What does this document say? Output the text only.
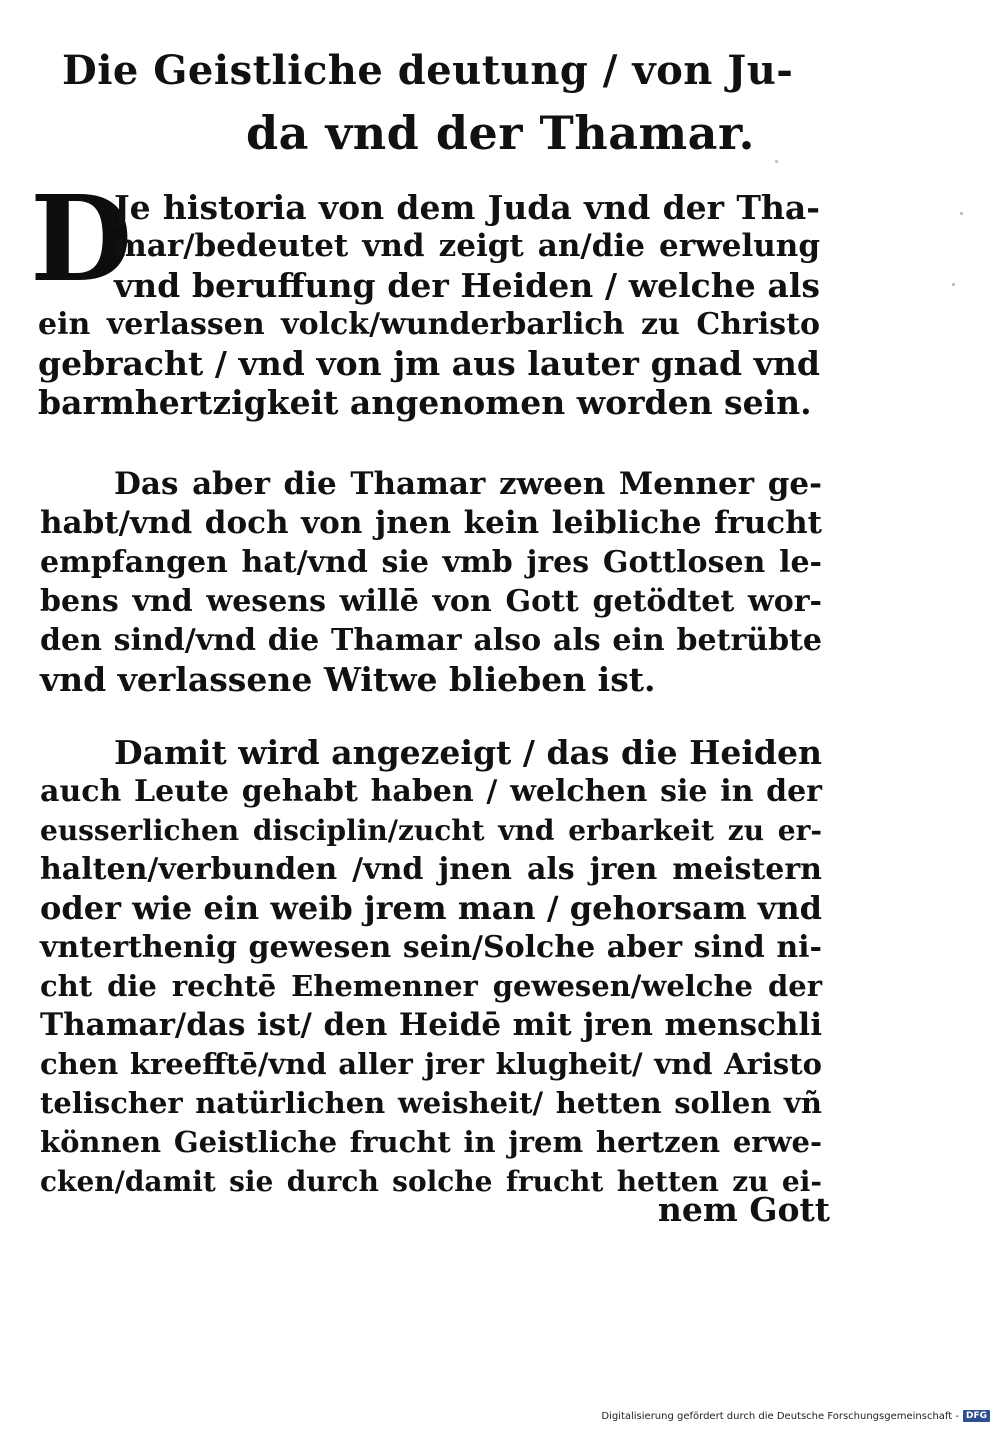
Die Geistliche deutung / von Ju-
da vnd der Thamar.
D
Je historia von dem Juda vnd der Tha-
mar/bedeutet vnd zeigt an/die erwelung
vnd beruffung der Heiden / welche als
ein verlassen volck/wunderbarlich zu Christo
gebracht / vnd von jm aus lauter gnad vnd
barmhertzigkeit angenomen worden sein.
Das aber die Thamar zween Menner ge-
habt/vnd doch von jnen kein leibliche frucht
empfangen hat/vnd sie vmb jres Gottlosen le-
bens vnd wesens willē von Gott getödtet wor-
den sind/vnd die Thamar also als ein betrübte
vnd verlassene Witwe blieben ist.
Damit wird angezeigt / das die Heiden
auch Leute gehabt haben / welchen sie in der
eusserlichen disciplin/zucht vnd erbarkeit zu er-
halten/verbunden /vnd jnen als jren meistern
oder wie ein weib jrem man / gehorsam vnd
vnterthenig gewesen sein/Solche aber sind ni-
cht die rechtē Ehemenner gewesen/welche der
Thamar/das ist/ den Heidē mit jren menschli
chen kreefftē/vnd aller jrer klugheit/ vnd Aristo
telischer natürlichen weisheit/ hetten sollen vñ
können Geistliche frucht in jrem hertzen erwe-
cken/damit sie durch solche frucht hetten zu ei-
nem Gott
Digitalisierung gefördert durch die Deutsche Forschungsgemeinschaft - DFG
